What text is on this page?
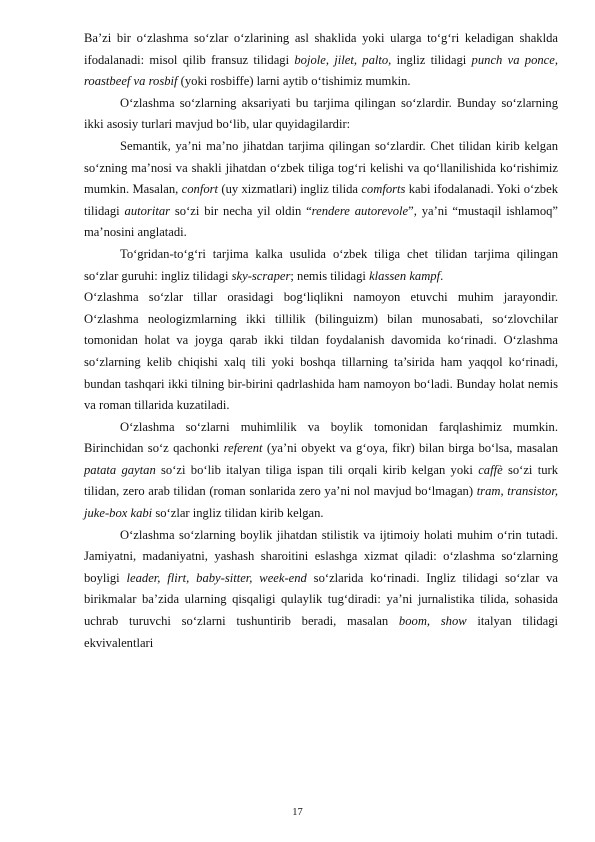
Ba’zi bir o‘zlashma so‘zlar o‘zlarining asl shaklida yoki ularga to‘g‘ri keladigan shaklda ifodalanadi: misol qilib fransuz tilidagi bojole, jilet, palto, ingliz tilidagi punch va ponce, roastbeef va rosbif (yoki rosbiffe) larni aytib o‘tishimiz mumkin.

O‘zlashma so‘zlarning aksariyati bu tarjima qilingan so‘zlardir. Bunday so‘zlarning ikki asosiy turlari mavjud bo‘lib, ular quyidagilardir:

Semantik, ya’ni ma’no jihatdan tarjima qilingan so‘zlardir. Chet tilidan kirib kelgan so‘zning ma’nosi va shakli jihatdan o‘zbek tiliga tog‘ri kelishi va qo‘llanilishida ko‘rishimiz mumkin. Masalan, confort (uy xizmatlari) ingliz tilida comforts kabi ifodalanadi. Yoki o‘zbek tilidagi autoritar so‘zi bir necha yil oldin “rendere autorevole”, ya’ni “mustaqil ishlamoq” ma’nosini anglatadi.

To‘gridan-to‘g‘ri tarjima kalka usulida o‘zbek tiliga chet tilidan tarjima qilingan so‘zlar guruhi: ingliz tilidagi sky-scraper; nemis tilidagi klassen kampf.

O‘zlashma so‘zlar tillar orasidagi bog‘liqlikni namoyon etuvchi muhim jarayondir. O‘zlashma neologizmlarning ikki tillilik (bilinguizm) bilan munosabati, so‘zlovchilar tomonidan holat va joyga qarab ikki tildan foydalanish davomida ko‘rinadi. O‘zlashma so‘zlarning kelib chiqishi xalq tili yoki boshqa tillarning ta’sirida ham yaqqol ko‘rinadi, bundan tashqari ikki tilning bir-birini qadrlashida ham namoyon bo‘ladi. Bunday holat nemis va roman tillarida kuzatiladi.

O‘zlashma so‘zlarni muhimlilik va boylik tomonidan farqlashimiz mumkin. Birinchidan so‘z qachonki referent (ya’ni obyekt va g‘oya, fikr) bilan birga bo‘lsa, masalan patata gaytan so‘zi bo‘lib italyan tiliga ispan tili orqali kirib kelgan yoki caffè so‘zi turk tilidan, zero arab tilidan (roman sonlarida zero ya’ni nol mavjud bo‘lmagan) tram, transistor, juke-box kabi so‘zlar ingliz tilidan kirib kelgan.

O‘zlashma so‘zlarning boylik jihatdan stilistik va ijtimoiy holati muhim o‘rin tutadi. Jamiyatni, madaniyatni, yashash sharoitini eslashga xizmat qiladi: o‘zlashma so‘zlarning boyligi leader, flirt, baby-sitter, week-end so‘zlarida ko‘rinadi. Ingliz tilidagi so‘zlar va birikmalar ba’zida ularning qisqaligi qulaylik tug‘diradi: ya’ni jurnalistika tilida, sohasida uchrab turuvchi so‘zlarni tushuntirib beradi, masalan boom, show italyan tilidagi ekvivalentlari

17
